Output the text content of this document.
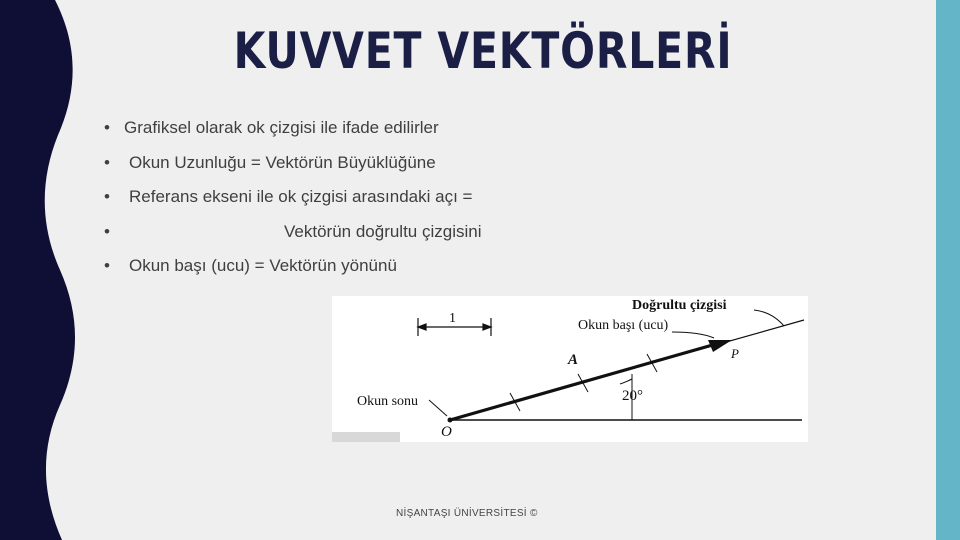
KUVVET VEKTÖRLERİ
• Grafiksel olarak ok çizgisi ile ifade edilirler
• Okun Uzunluğu = Vektörün Büyüklüğüne
• Referans ekseni ile ok çizgisi arasındaki açı =
•	Vektörün doğrultu çizgisini
• Okun başı (ucu) = Vektörün yönünü
1
20°
Doğrultu çizgisi
Okun başı (ucu)
Okun sonu
A	P
O
NİŞANTAŞI ÜNİVERSİTESİ ©
